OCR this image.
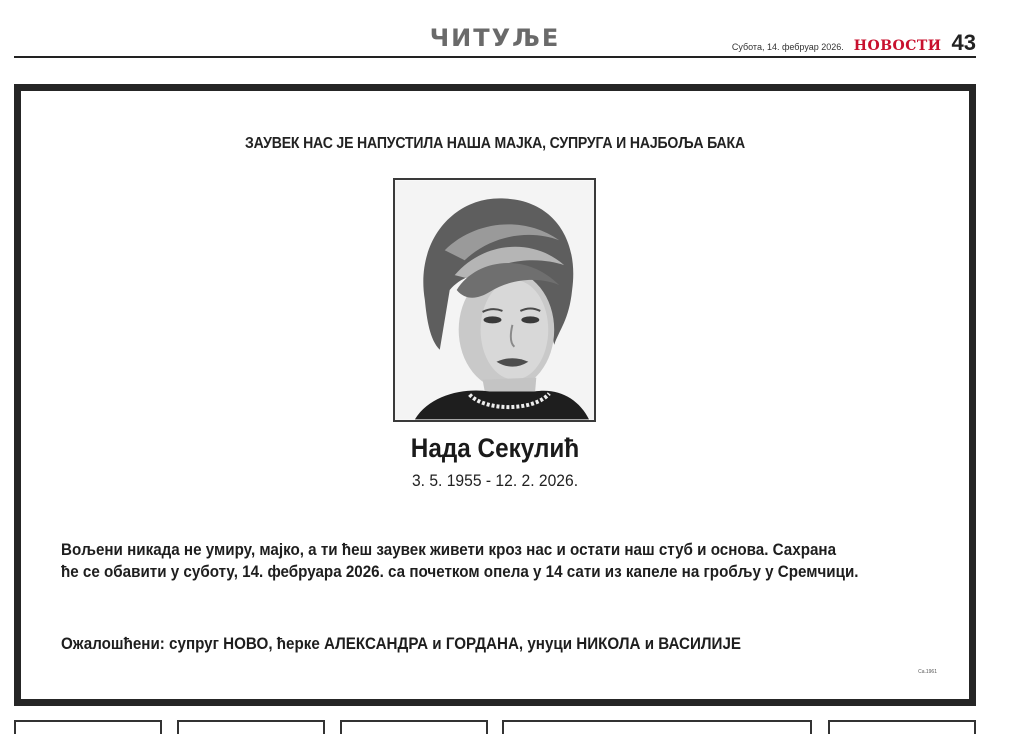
ЧИТУЉЕ	Субота, 14. фебруар 2026. НОВОСТИ 43
ЗАУВЕК НАС ЈЕ НАПУСТИЛА НАША МАЈКА, СУПРУГА И НАЈБОЉА БАКА
Нада Секулић
3. 5. 1955 - 12. 2. 2026.
Вољени никада не умиру, мајко, а ти ћеш заувек живети кроз нас и остати наш стуб и основа. Сахрана
ће се обавити у суботу, 14. фебруара 2026. са почетком опела у 14 сати из капеле на гробљу у Сремчици.
Ожалошћени: супруг НОВО, ћерке АЛЕКСАНДРА и ГОРДАНА, унуци НИКОЛА и ВАСИЛИЈЕ
Ca.1961
